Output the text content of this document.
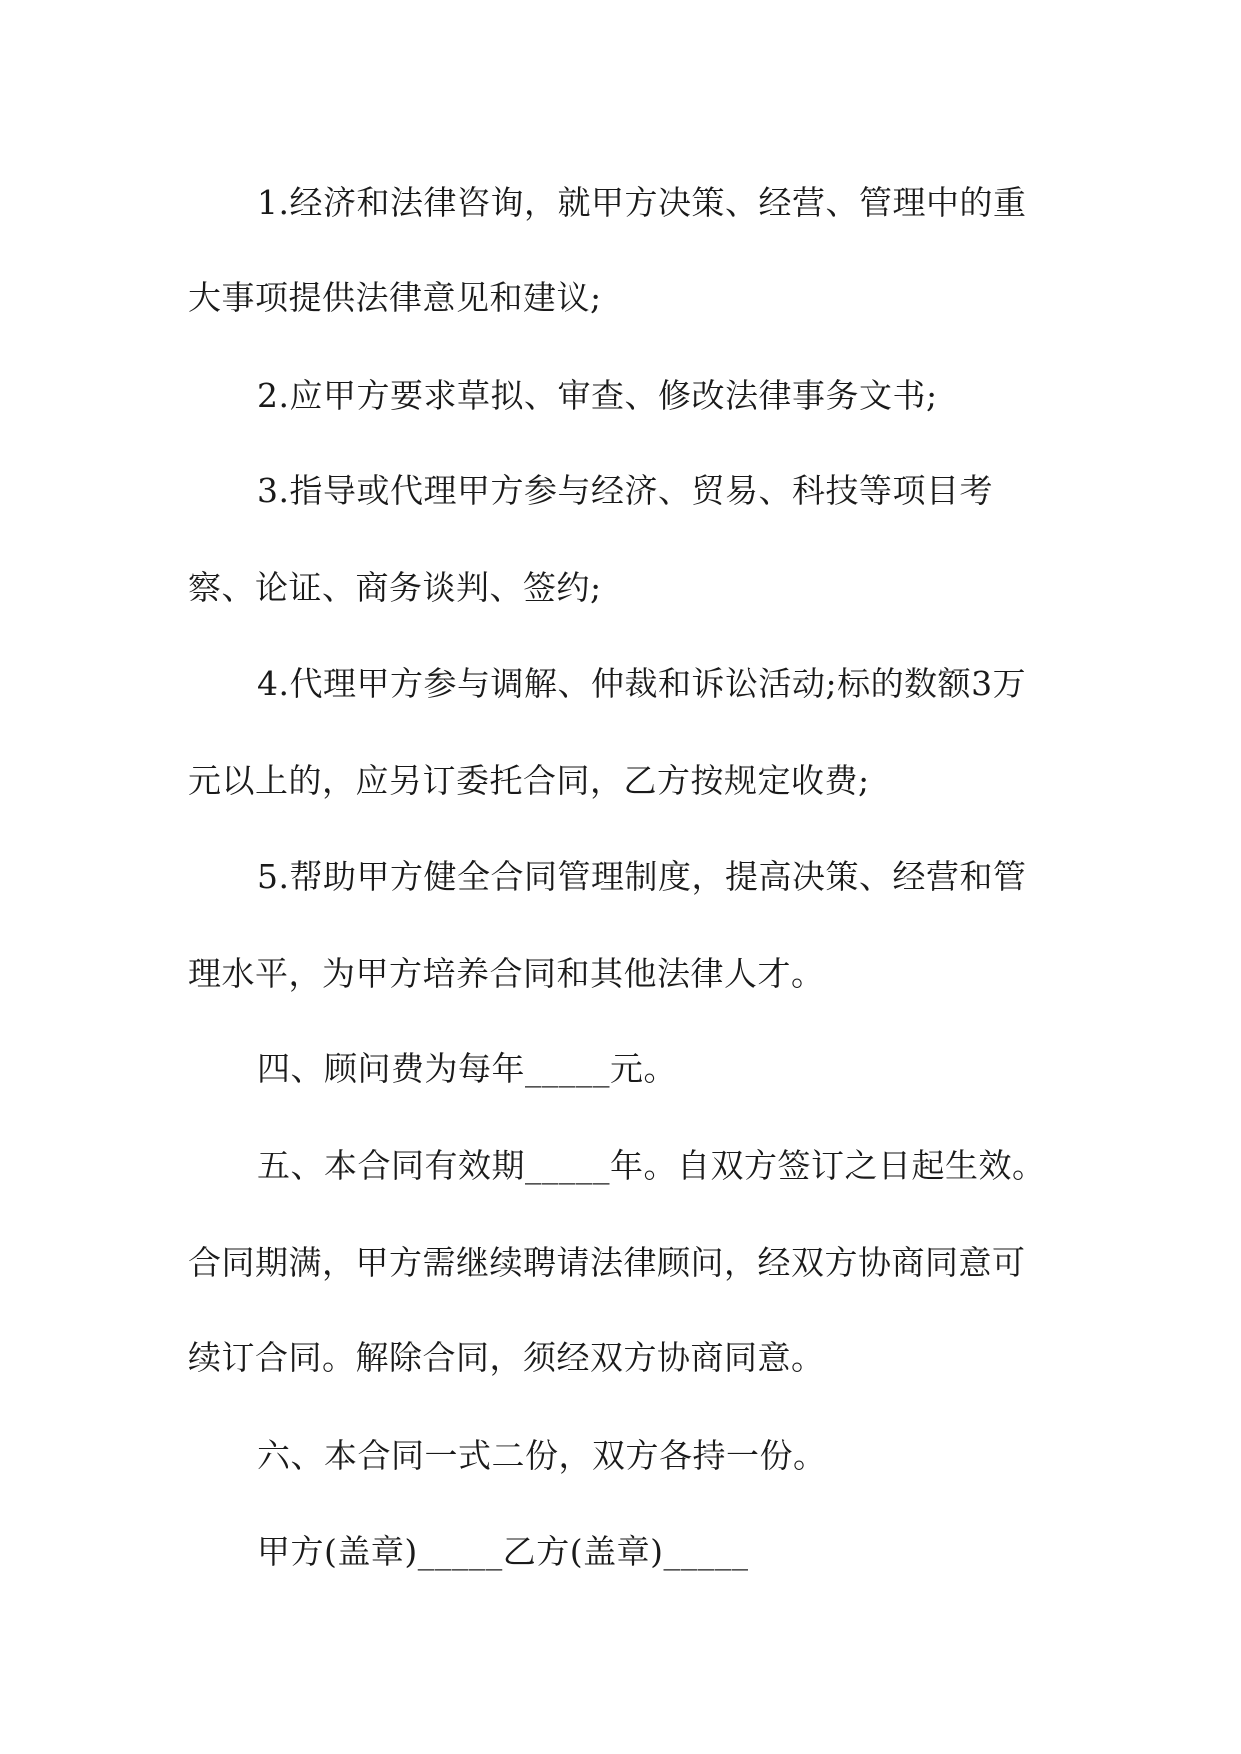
1.经济和法律咨询，就甲方决策、经营、管理中的重
大事项提供法律意见和建议;
2.应甲方要求草拟、审查、修改法律事务文书;
3.指导或代理甲方参与经济、贸易、科技等项目考
察、论证、商务谈判、签约;
4.代理甲方参与调解、仲裁和诉讼活动;标的数额3万
元以上的，应另订委托合同，乙方按规定收费;
5.帮助甲方健全合同管理制度，提高决策、经营和管
理水平，为甲方培养合同和其他法律人才。
四、顾问费为每年_____元。
五、本合同有效期_____年。自双方签订之日起生效。
合同期满，甲方需继续聘请法律顾问，经双方协商同意可
续订合同。解除合同，须经双方协商同意。
六、本合同一式二份，双方各持一份。
甲方(盖章)_____乙方(盖章)_____
